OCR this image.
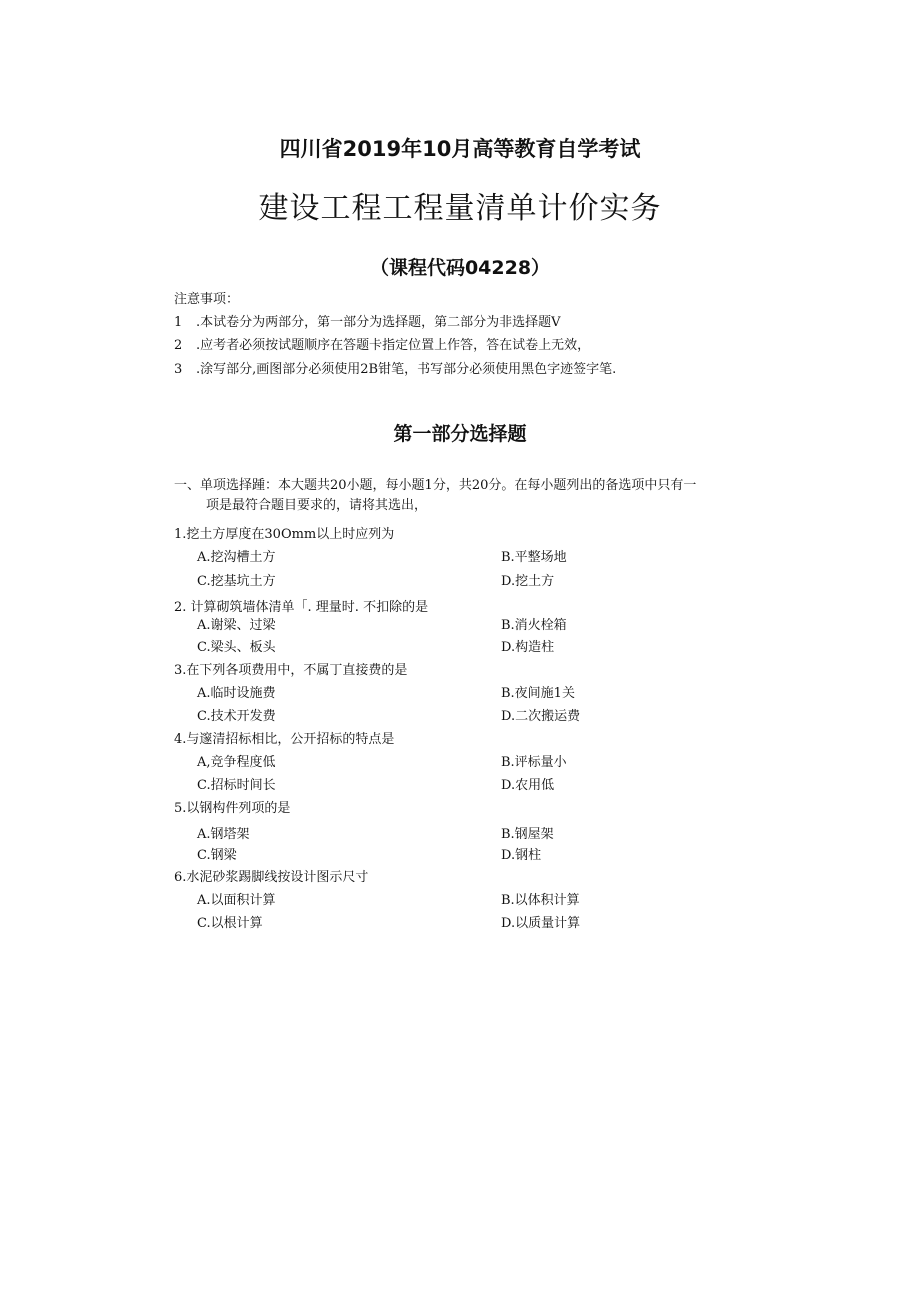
四川省2019年10月高等教育自学考试
建设工程工程量清单计价实务
（课程代码04228）
注意事项：
1 .本试卷分为两部分，第一部分为选择题，第二部分为非选择题V
2 .应考者必须按试题顺序在答题卡指定位置上作答，答在试卷上无效，
3 .涂写部分,画图部分必须使用2B钳笔，书写部分必须使用黑色字迹签字笔.
第一部分选择题
一、单项选择踵：本大题共20小题，每小题1分，共20分。在每小题列出的备选项中只有一
项是最符合题目要求的，请将其选出，
1.挖土方厚度在30Omm以上时应列为
A.挖沟槽土方	B.平整场地
C.挖基坑土方	D.挖土方
2. 计算砌筑墙体清单「. 理量时. 不扣除的是
A.谢梁、过梁	B.消火栓箱
C.梁头、板头	D.构造柱
3.在下列各项费用中，不属丁直接费的是
A.临时设施费	B.夜间施1关
C.技术开发费	D.二次搬运费
4.与邃清招标相比，公开招标的特点是
A,竞争程度低	B.评标量小
C.招标时间长	D.农用低
5.以钢构件列项的是
A.钢塔架	B.钢屋架
C.钢梁	D.钢柱
6.水泥砂浆踢脚线按设计图示尺寸
A.以面积计算	B.以体积计算
C.以根计算	D.以质量计算
